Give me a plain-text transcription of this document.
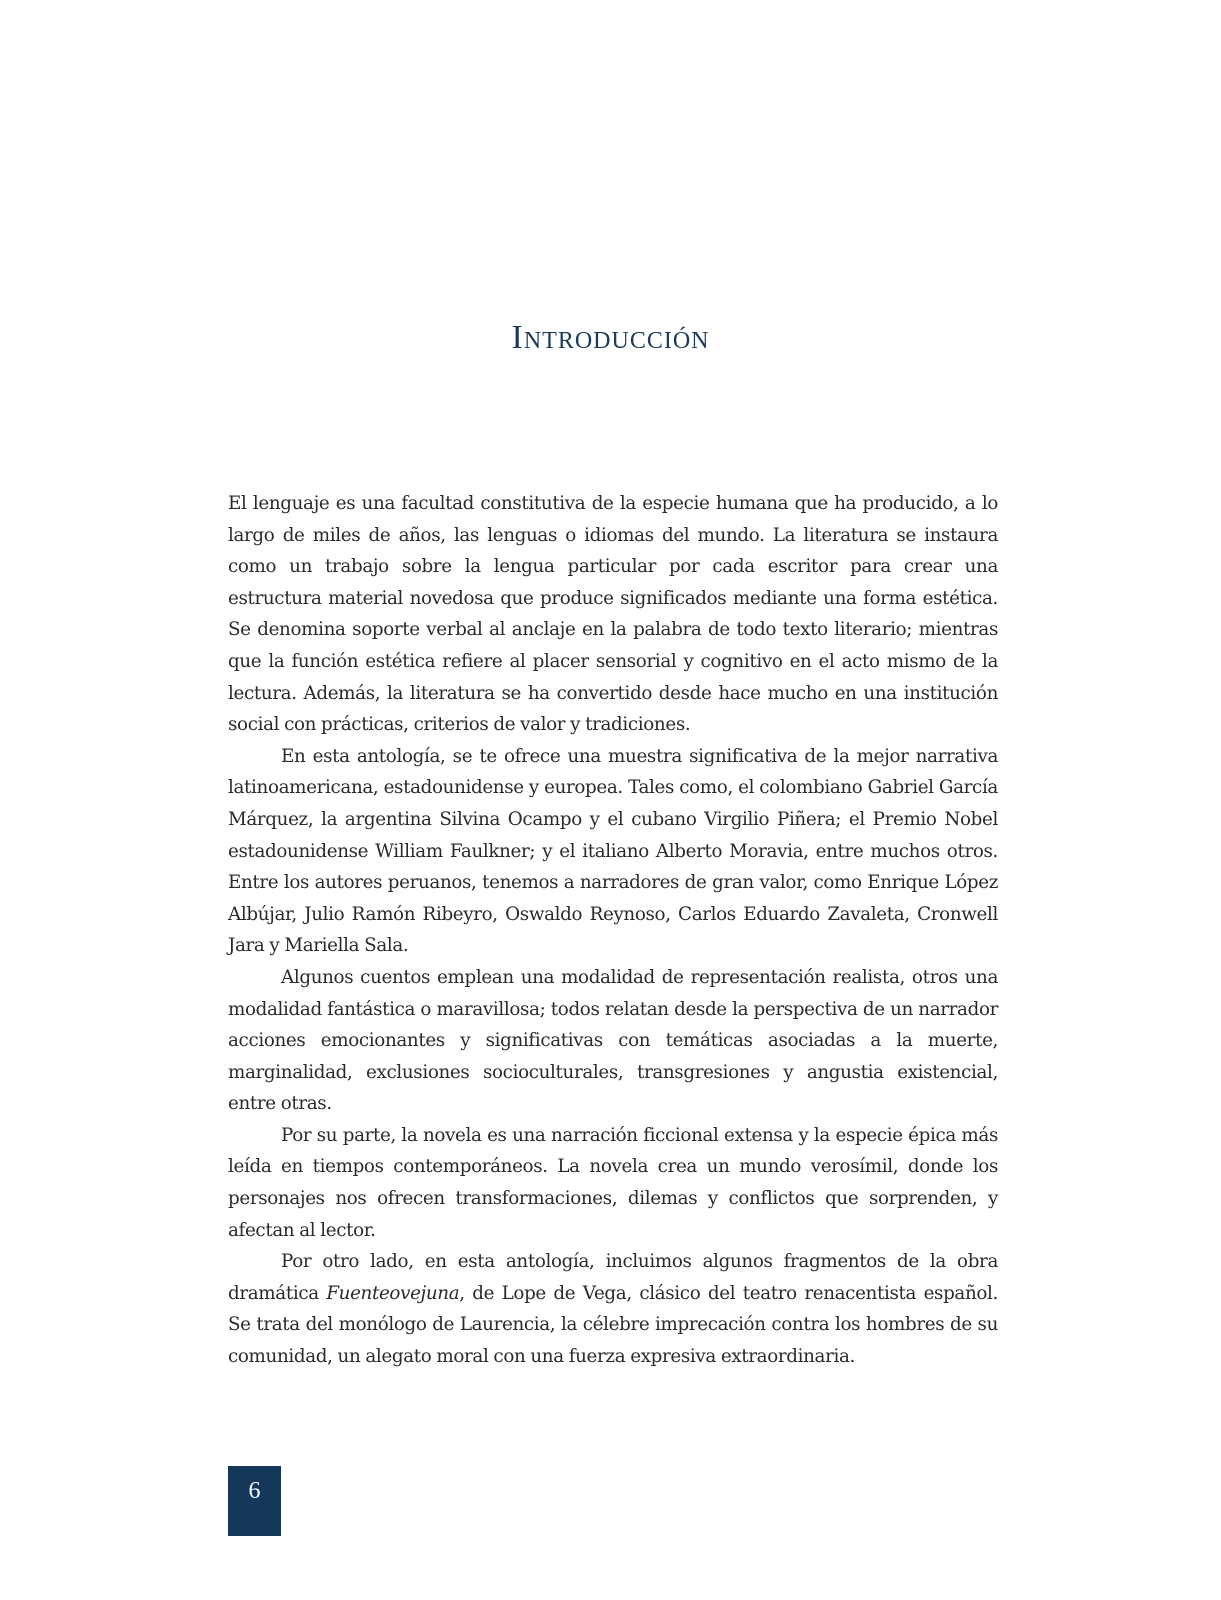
Introducción

El lenguaje es una facultad constitutiva de la especie humana que ha producido, a lo largo de miles de años, las lenguas o idiomas del mundo. La literatura se instaura como un trabajo sobre la lengua particular por cada escritor para crear una estructura material novedosa que produce significados mediante una forma estética. Se denomina soporte verbal al anclaje en la palabra de todo texto literario; mientras que la función estética refiere al placer sensorial y cognitivo en el acto mismo de la lectura. Además, la literatura se ha convertido desde hace mucho en una institución social con prácticas, criterios de valor y tradiciones.

En esta antología, se te ofrece una muestra significativa de la mejor narrativa latinoamericana, estadounidense y europea. Tales como, el colombiano Gabriel García Márquez, la argentina Silvina Ocampo y el cubano Virgilio Piñera; el Premio Nobel estadounidense William Faulkner; y el italiano Alberto Moravia, entre muchos otros. Entre los autores peruanos, tenemos a narradores de gran valor, como Enrique López Albújar, Julio Ramón Ribeyro, Oswaldo Reynoso, Carlos Eduardo Zavaleta, Cronwell Jara y Mariella Sala.

Algunos cuentos emplean una modalidad de representación realista, otros una modalidad fantástica o maravillosa; todos relatan desde la perspectiva de un narrador acciones emocionantes y significativas con temáticas asociadas a la muerte, marginalidad, exclusiones socioculturales, transgresiones y angustia existencial, entre otras.

Por su parte, la novela es una narración ficcional extensa y la especie épica más leída en tiempos contemporáneos. La novela crea un mundo verosímil, donde los personajes nos ofrecen transformaciones, dilemas y conflictos que sorprenden, y afectan al lector.

Por otro lado, en esta antología, incluimos algunos fragmentos de la obra dramática Fuenteovejuna, de Lope de Vega, clásico del teatro renacentista español. Se trata del monólogo de Laurencia, la célebre imprecación contra los hombres de su comunidad, un alegato moral con una fuerza expresiva extraordinaria.

6
